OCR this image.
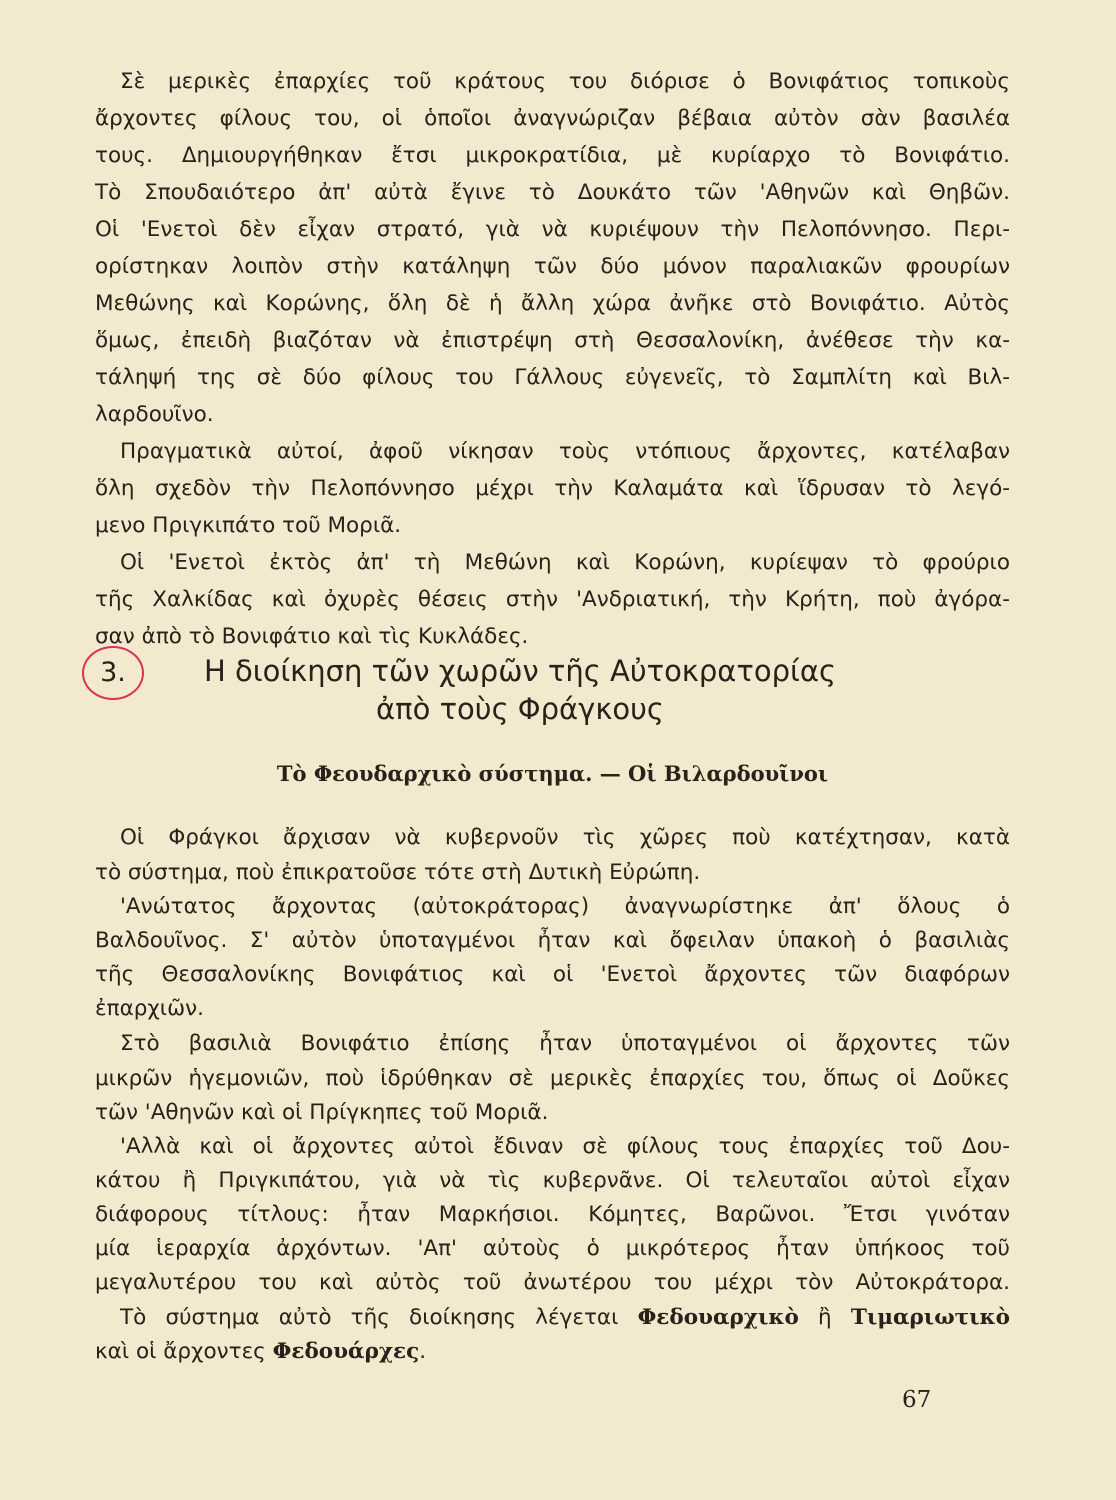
Σὲ μερικὲς ἐπαρχίες τοῦ κράτους του διόρισε ὁ Βονιφάτιος τοπικοὺς
ἄρχοντες φίλους του, οἱ ὁποῖοι ἀναγνώριζαν βέβαια αὐτὸν σὰν βασιλέα
τους. Δημιουργήθηκαν ἔτσι μικροκρατίδια, μὲ κυρίαρχο τὸ Βονιφάτιο.
Τὸ Σπουδαιότερο ἀπ' αὐτὰ ἔγινε τὸ Δουκάτο τῶν 'Αθηνῶν καὶ Θηβῶν.
Οἱ 'Ενετοὶ δὲν εἶχαν στρατό, γιὰ νὰ κυριέψουν τὴν Πελοπόννησο. Περι-
ορίστηκαν λοιπὸν στὴν κατάληψη τῶν δύο μόνον παραλιακῶν φρουρίων
Μεθώνης καὶ Κορώνης, ὅλη δὲ ἡ ἄλλη χώρα ἀνῆκε στὸ Βονιφάτιο. Αὐτὸς
ὅμως, ἐπειδὴ βιαζόταν νὰ ἐπιστρέψη στὴ Θεσσαλονίκη, ἀνέθεσε τὴν κα-
τάληψή της σὲ δύο φίλους του Γάλλους εὐγενεῖς, τὸ Σαμπλίτη καὶ Βιλ-
λαρδουῖνο.
Πραγματικὰ αὐτοί, ἀφοῦ νίκησαν τοὺς ντόπιους ἄρχοντες, κατέλαβαν
ὅλη σχεδὸν τὴν Πελοπόννησο μέχρι τὴν Καλαμάτα καὶ ἵδρυσαν τὸ λεγό-
μενο Πριγκιπάτο τοῦ Μοριᾶ.
Οἱ 'Ενετοὶ ἐκτὸς ἀπ' τὴ Μεθώνη καὶ Κορώνη, κυρίεψαν τὸ φρούριο
τῆς Χαλκίδας καὶ ὀχυρὲς θέσεις στὴν 'Ανδριατική, τὴν Κρήτη, ποὺ ἀγόρα-
σαν ἀπὸ τὸ Βονιφάτιο καὶ τὶς Κυκλάδες.
3.	Η διοίκηση τῶν χωρῶν τῆς Αὐτοκρατορίας
ἀπὸ τοὺς Φράγκους
Τὸ Φεουδαρχικὸ σύστημα. — Οἱ Βιλαρδουῖνοι
Οἱ Φράγκοι ἄρχισαν νὰ κυβερνοῦν τὶς χῶρες ποὺ κατέχτησαν, κατὰ
τὸ σύστημα, ποὺ ἐπικρατοῦσε τότε στὴ Δυτικὴ Εὐρώπη.
'Ανώτατος ἄρχοντας (αὐτοκράτορας) ἀναγνωρίστηκε ἀπ' ὅλους ὁ
Βαλδουῖνος. Σ' αὐτὸν ὑποταγμένοι ἦταν καὶ ὄφειλαν ὑπακοὴ ὁ βασιλιὰς
τῆς Θεσσαλονίκης Βονιφάτιος καὶ οἱ 'Ενετοὶ ἄρχοντες τῶν διαφόρων
ἐπαρχιῶν.
Στὸ βασιλιὰ Βονιφάτιο ἐπίσης ἦταν ὑποταγμένοι οἱ ἄρχοντες τῶν
μικρῶν ἡγεμονιῶν, ποὺ ἱδρύθηκαν σὲ μερικὲς ἐπαρχίες του, ὅπως οἱ Δοῦκες
τῶν 'Αθηνῶν καὶ οἱ Πρίγκηπες τοῦ Μοριᾶ.
'Αλλὰ καὶ οἱ ἄρχοντες αὐτοὶ ἔδιναν σὲ φίλους τους ἐπαρχίες τοῦ Δου-
κάτου ἢ Πριγκιπάτου, γιὰ νὰ τὶς κυβερνᾶνε. Οἱ τελευταῖοι αὐτοὶ εἶχαν
διάφορους τίτλους: ἦταν Μαρκήσιοι. Κόμητες, Βαρῶνοι. Ἔτσι γινόταν
μία ἱεραρχία ἀρχόντων. 'Απ' αὐτοὺς ὁ μικρότερος ἦταν ὑπήκοος τοῦ
μεγαλυτέρου του καὶ αὐτὸς τοῦ ἀνωτέρου του μέχρι τὸν Αὐτοκράτορα.
Τὸ σύστημα αὐτὸ τῆς διοίκησης λέγεται Φεδουαρχικὸ ἢ Τιμαριωτικὸ
καὶ οἱ ἄρχοντες Φεδουάρχες.
67
